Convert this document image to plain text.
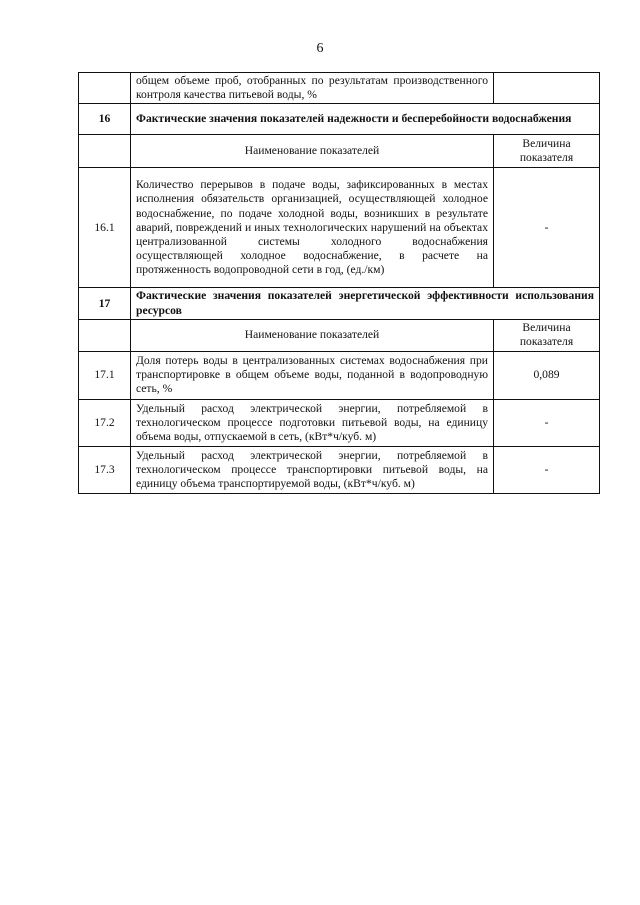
6
	общем объеме проб, отобранных по результатам производственного контроля качества питьевой воды, %	
16	Фактические значения показателей надежности и бесперебойности водоснабжения	
	Наименование показателей	Величина показателя
16.1	Количество перерывов в подаче воды, зафиксированных в местах исполнения обязательств организацией, осуществляющей холодное водоснабжение, по подаче холодной воды, возникших в результате аварий, повреждений и иных технологических нарушений на объектах централизованной системы холодного водоснабжения осуществляющей холодное водоснабжение, в расчете на протяженность водопроводной сети в год, (ед./км)	-
17	Фактические значения показателей энергетической эффективности использования ресурсов	
	Наименование показателей	Величина показателя
17.1	Доля потерь воды в централизованных системах водоснабжения при транспортировке в общем объеме воды, поданной в водопроводную сеть, %	0,089
17.2	Удельный расход электрической энергии, потребляемой в технологическом процессе подготовки питьевой воды, на единицу объема воды, отпускаемой в сеть, (кВт*ч/куб. м)	-
17.3	Удельный расход электрической энергии, потребляемой в технологическом процессе транспортировки питьевой воды, на единицу объема транспортируемой воды, (кВт*ч/куб. м)	-
